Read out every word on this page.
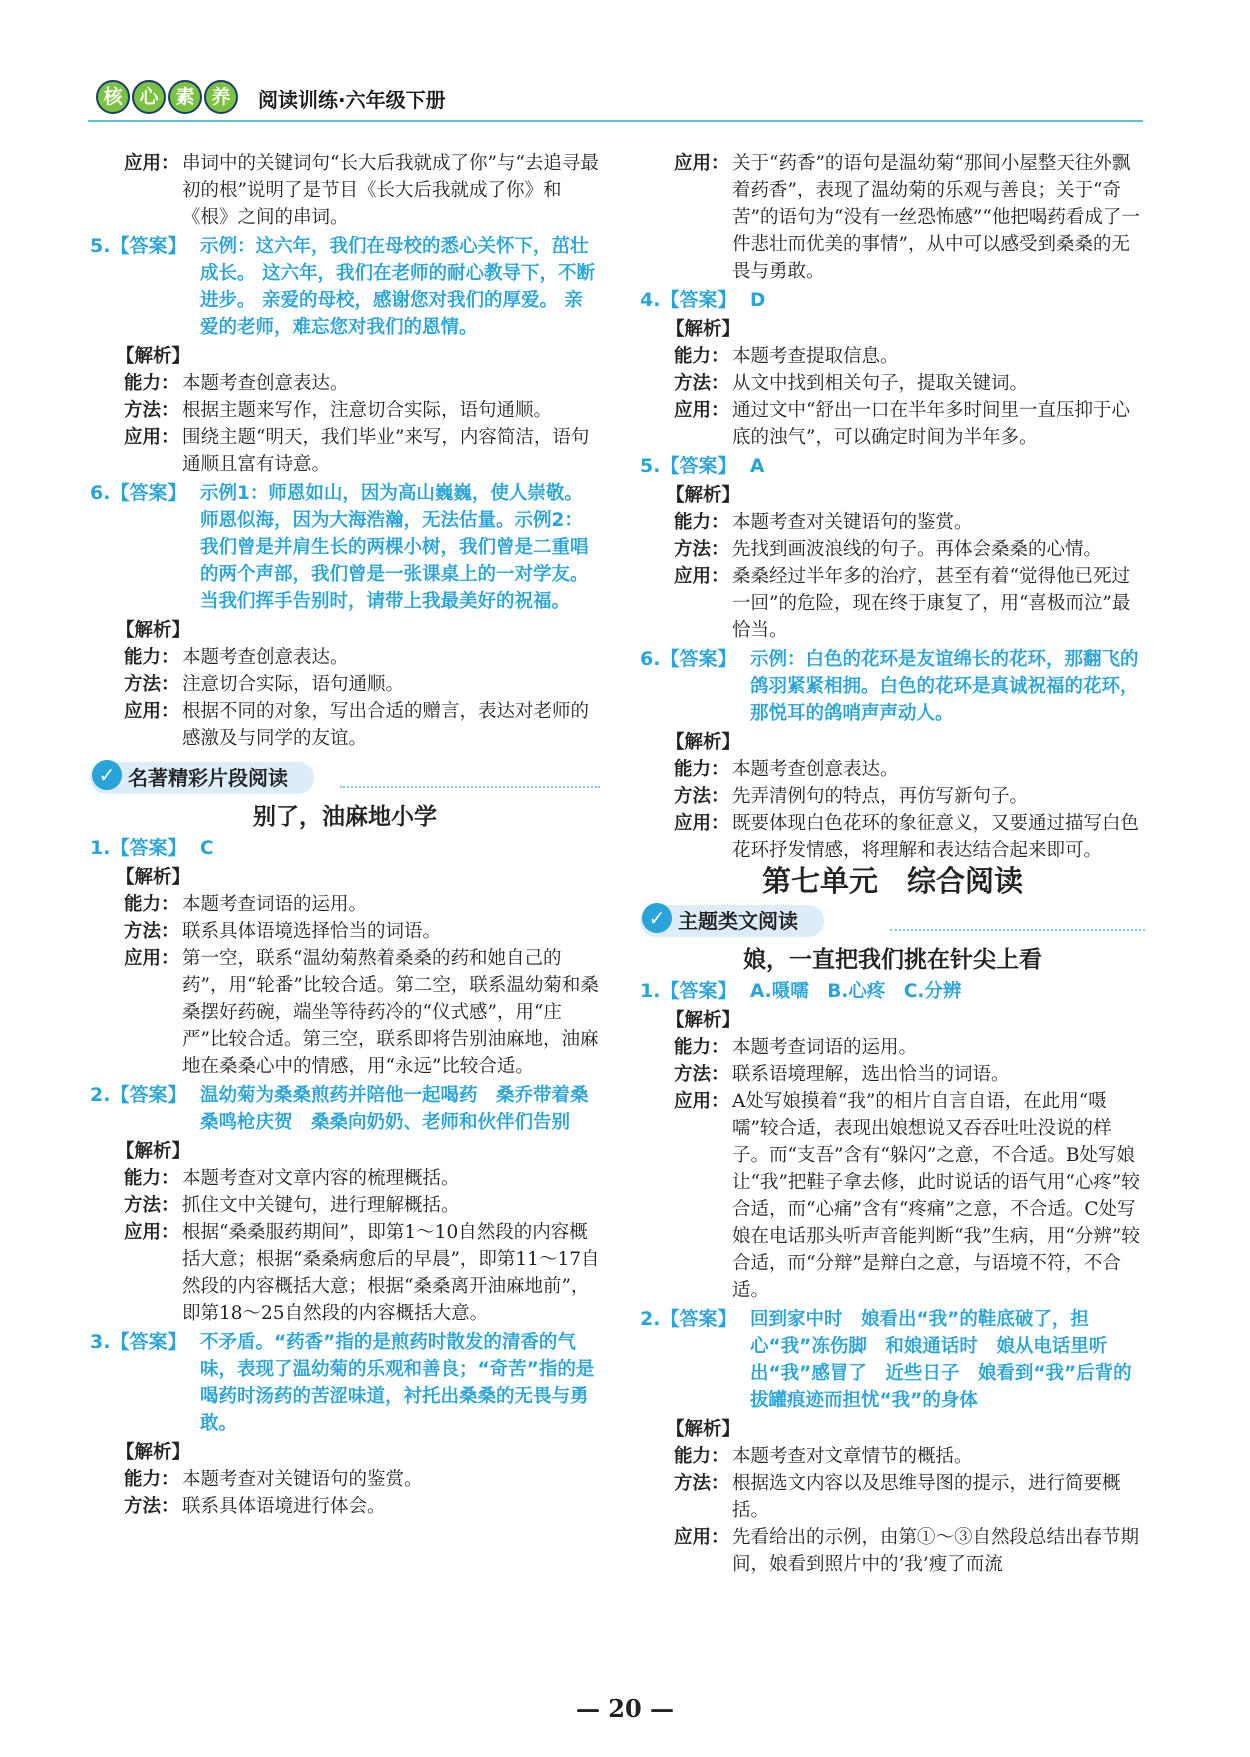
核 心 素 养	阅读训练·六年级下册
应用： 串词中的关键词句“长大后我就成了你”与“去追寻最初的根”说明了是节目《长大后我就成了你》和《根》之间的串词。
5.【答案】 示例：这六年，我们在母校的悉心关怀下，茁壮成长。 这六年，我们在老师的耐心教导下，不断进步。 亲爱的母校，感谢您对我们的厚爱。 亲爱的老师，难忘您对我们的恩情。
【解析】
能力： 本题考查创意表达。
方法： 根据主题来写作，注意切合实际，语句通顺。
应用： 围绕主题“明天，我们毕业”来写，内容简洁，语句通顺且富有诗意。
6.【答案】 示例1：师恩如山，因为高山巍巍，使人崇敬。师恩似海，因为大海浩瀚，无法估量。示例2：我们曾是并肩生长的两棵小树，我们曾是二重唱的两个声部，我们曾是一张课桌上的一对学友。当我们挥手告别时，请带上我最美好的祝福。
【解析】
能力： 本题考查创意表达。
方法： 注意切合实际，语句通顺。
应用： 根据不同的对象，写出合适的赠言，表达对老师的感激及与同学的友谊。
名著精彩片段阅读
✓
别了，油麻地小学
1.【答案】 C
【解析】
能力： 本题考查词语的运用。
方法： 联系具体语境选择恰当的词语。
应用： 第一空，联系“温幼菊熬着桑桑的药和她自己的药”，用“轮番”比较合适。第二空，联系温幼菊和桑桑摆好药碗，端坐等待药冷的“仪式感”，用“庄严”比较合适。第三空，联系即将告别油麻地，油麻地在桑桑心中的情感，用“永远”比较合适。
2.【答案】 温幼菊为桑桑煎药并陪他一起喝药　桑乔带着桑桑鸣枪庆贺　桑桑向奶奶、老师和伙伴们告别
【解析】
能力： 本题考查对文章内容的梳理概括。
方法： 抓住文中关键句，进行理解概括。
应用： 根据“桑桑服药期间”，即第1～10自然段的内容概括大意；根据“桑桑病愈后的早晨”，即第11～17自然段的内容概括大意；根据“桑桑离开油麻地前”，即第18～25自然段的内容概括大意。
3.【答案】 不矛盾。“药香”指的是煎药时散发的清香的气味，表现了温幼菊的乐观和善良；“奇苦”指的是喝药时汤药的苦涩味道，衬托出桑桑的无畏与勇敢。
【解析】
能力： 本题考查对关键语句的鉴赏。
方法： 联系具体语境进行体会。
应用： 关于“药香”的语句是温幼菊“那间小屋整天往外飘着药香”，表现了温幼菊的乐观与善良；关于“奇苦”的语句为“没有一丝恐怖感”“他把喝药看成了一件悲壮而优美的事情”，从中可以感受到桑桑的无畏与勇敢。
4.【答案】 D
【解析】
能力： 本题考查提取信息。
方法： 从文中找到相关句子，提取关键词。
应用： 通过文中“舒出一口在半年多时间里一直压抑于心底的浊气”，可以确定时间为半年多。
5.【答案】 A
【解析】
能力： 本题考查对关键语句的鉴赏。
方法： 先找到画波浪线的句子。再体会桑桑的心情。
应用： 桑桑经过半年多的治疗，甚至有着“觉得他已死过一回”的危险，现在终于康复了，用“喜极而泣”最恰当。
6.【答案】 示例：白色的花环是友谊绵长的花环，那翻飞的鸽羽紧紧相拥。白色的花环是真诚祝福的花环，那悦耳的鸽哨声声动人。
【解析】
能力： 本题考查创意表达。
方法： 先弄清例句的特点，再仿写新句子。
应用： 既要体现白色花环的象征意义，又要通过描写白色花环抒发情感，将理解和表达结合起来即可。
第七单元　综合阅读
主题类文阅读
✓
娘，一直把我们挑在针尖上看
1.【答案】 A.嗫嚅　B.心疼　C.分辨
【解析】
能力： 本题考查词语的运用。
方法： 联系语境理解，选出恰当的词语。
应用： A处写娘摸着“我”的相片自言自语，在此用“嗫嚅”较合适，表现出娘想说又吞吞吐吐没说的样子。而“支吾”含有“躲闪”之意，不合适。B处写娘让“我”把鞋子拿去修，此时说话的语气用“心疼”较合适，而“心痛”含有“疼痛”之意，不合适。C处写娘在电话那头听声音能判断“我”生病，用“分辨”较合适，而“分辩”是辩白之意，与语境不符，不合适。
2.【答案】 回到家中时　娘看出“我”的鞋底破了，担心“我”冻伤脚　和娘通话时　娘从电话里听出“我”感冒了　近些日子　娘看到“我”后背的拔罐痕迹而担忧“我”的身体
【解析】
能力： 本题考查对文章情节的概括。
方法： 根据选文内容以及思维导图的提示，进行简要概括。
应用： 先看给出的示例，由第①～③自然段总结出春节期间，娘看到照片中的‘我’瘦了而流
— 20 —
